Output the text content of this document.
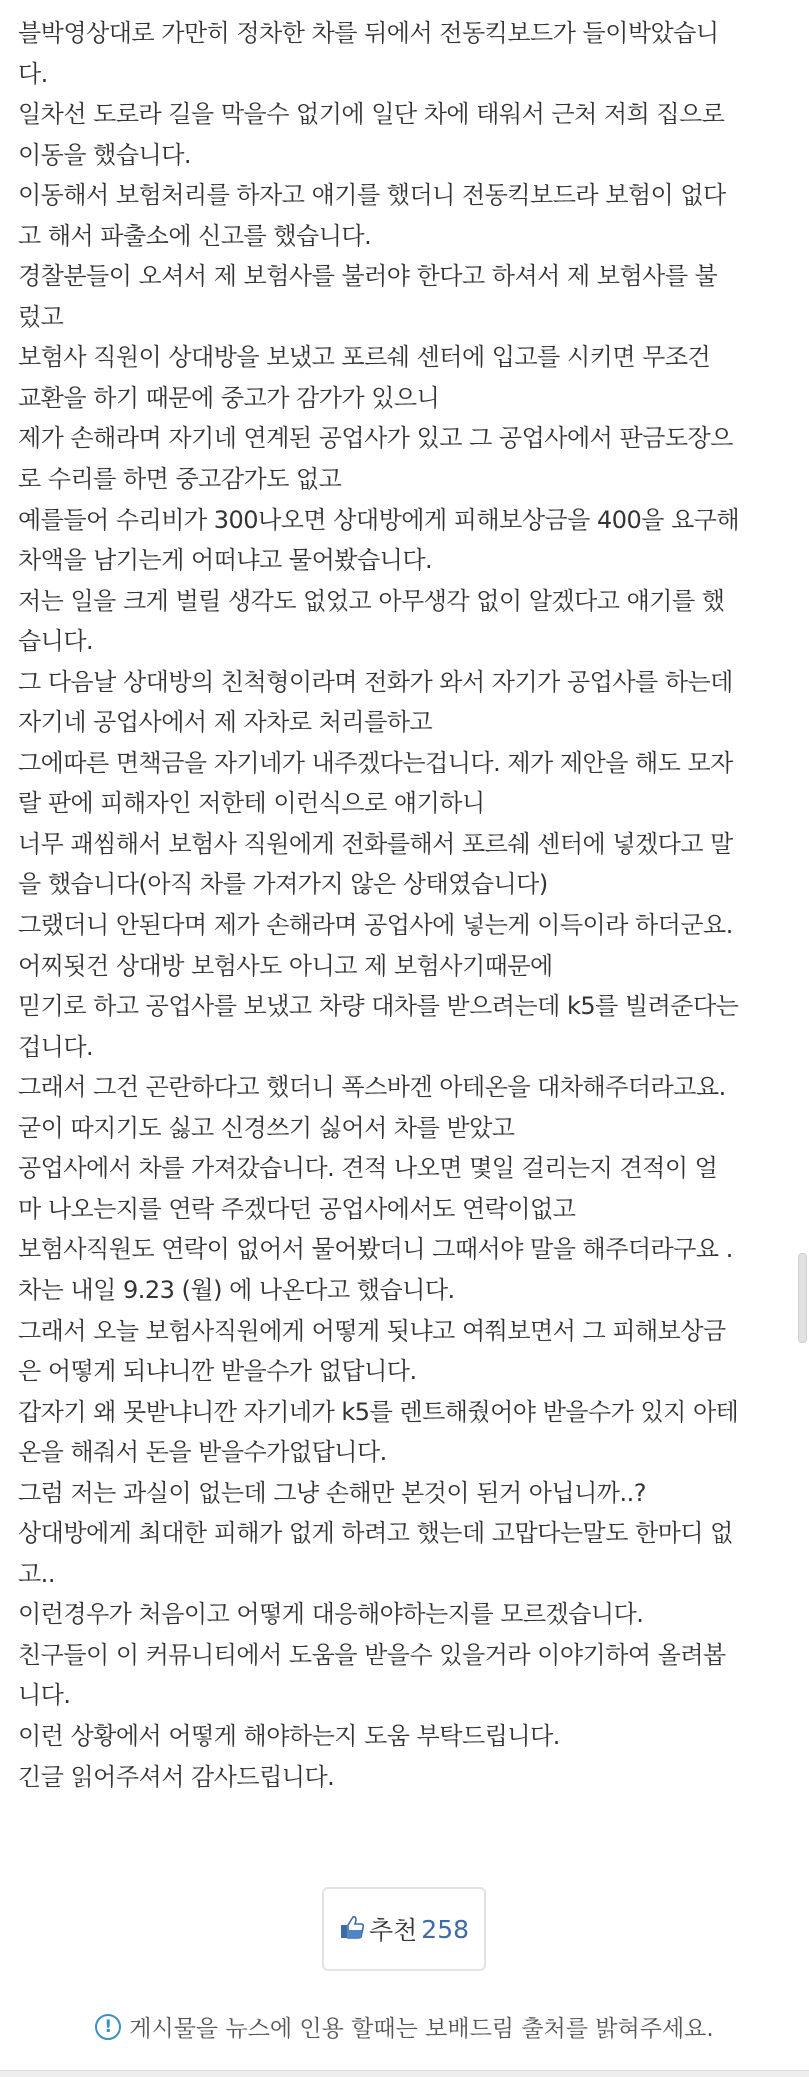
블박영상대로 가만히 정차한 차를 뒤에서 전동킥보드가 들이박았습니
다.
일차선 도로라 길을 막을수 없기에 일단 차에 태워서 근처 저희 집으로
이동을 했습니다.
이동해서 보험처리를 하자고 얘기를 했더니 전동킥보드라 보험이 없다
고 해서 파출소에 신고를 했습니다.
경찰분들이 오셔서 제 보험사를 불러야 한다고 하셔서 제 보험사를 불
렀고
보험사 직원이 상대방을 보냈고 포르쉐 센터에 입고를 시키면 무조건
교환을 하기 때문에 중고가 감가가 있으니
제가 손해라며 자기네 연계된 공업사가 있고 그 공업사에서 판금도장으
로 수리를 하면 중고감가도 없고
예를들어 수리비가 300나오면 상대방에게 피해보상금을 400을 요구해
차액을 남기는게 어떠냐고 물어봤습니다.
저는 일을 크게 벌릴 생각도 없었고 아무생각 없이 알겠다고 얘기를 했
습니다.
그 다음날 상대방의 친척형이라며 전화가 와서 자기가 공업사를 하는데
자기네 공업사에서 제 자차로 처리를하고
그에따른 면책금을 자기네가 내주겠다는겁니다. 제가 제안을 해도 모자
랄 판에 피해자인 저한테 이런식으로 얘기하니
너무 괘씸해서 보험사 직원에게 전화를해서 포르쉐 센터에 넣겠다고 말
을 했습니다(아직 차를 가져가지 않은 상태였습니다)
그랬더니 안된다며 제가 손해라며 공업사에 넣는게 이득이라 하더군요.
어찌됫건 상대방 보험사도 아니고 제 보험사기때문에
믿기로 하고 공업사를 보냈고 차량 대차를 받으려는데 k5를 빌려준다는
겁니다.
그래서 그건 곤란하다고 했더니 폭스바겐 아테온을 대차해주더라고요.
굳이 따지기도 싫고 신경쓰기 싫어서 차를 받았고
공업사에서 차를 가져갔습니다. 견적 나오면 몇일 걸리는지 견적이 얼
마 나오는지를 연락 주겠다던 공업사에서도 연락이없고
보험사직원도 연락이 없어서 물어봤더니 그때서야 말을 해주더라구요 .
차는 내일 9.23 (월) 에 나온다고 했습니다.
그래서 오늘 보험사직원에게 어떻게 됫냐고 여쭤보면서 그 피해보상금
은 어떻게 되냐니깐 받을수가 없답니다.
갑자기 왜 못받냐니깐 자기네가 k5를 렌트해줬어야 받을수가 있지 아테
온을 해줘서 돈을 받을수가없답니다.
그럼 저는 과실이 없는데 그냥 손해만 본것이 된거 아닙니까..?
상대방에게 최대한 피해가 없게 하려고 했는데 고맙다는말도 한마디 없
고..
이런경우가 처음이고 어떻게 대응해야하는지를 모르겠습니다.
친구들이 이 커뮤니티에서 도움을 받을수 있을거라 이야기하여 올려봅
니다.
이런 상황에서 어떻게 해야하는지 도움 부탁드립니다.
긴글 읽어주셔서 감사드립니다.
추천 258
! 게시물을 뉴스에 인용 할때는 보배드림 출처를 밝혀주세요.
